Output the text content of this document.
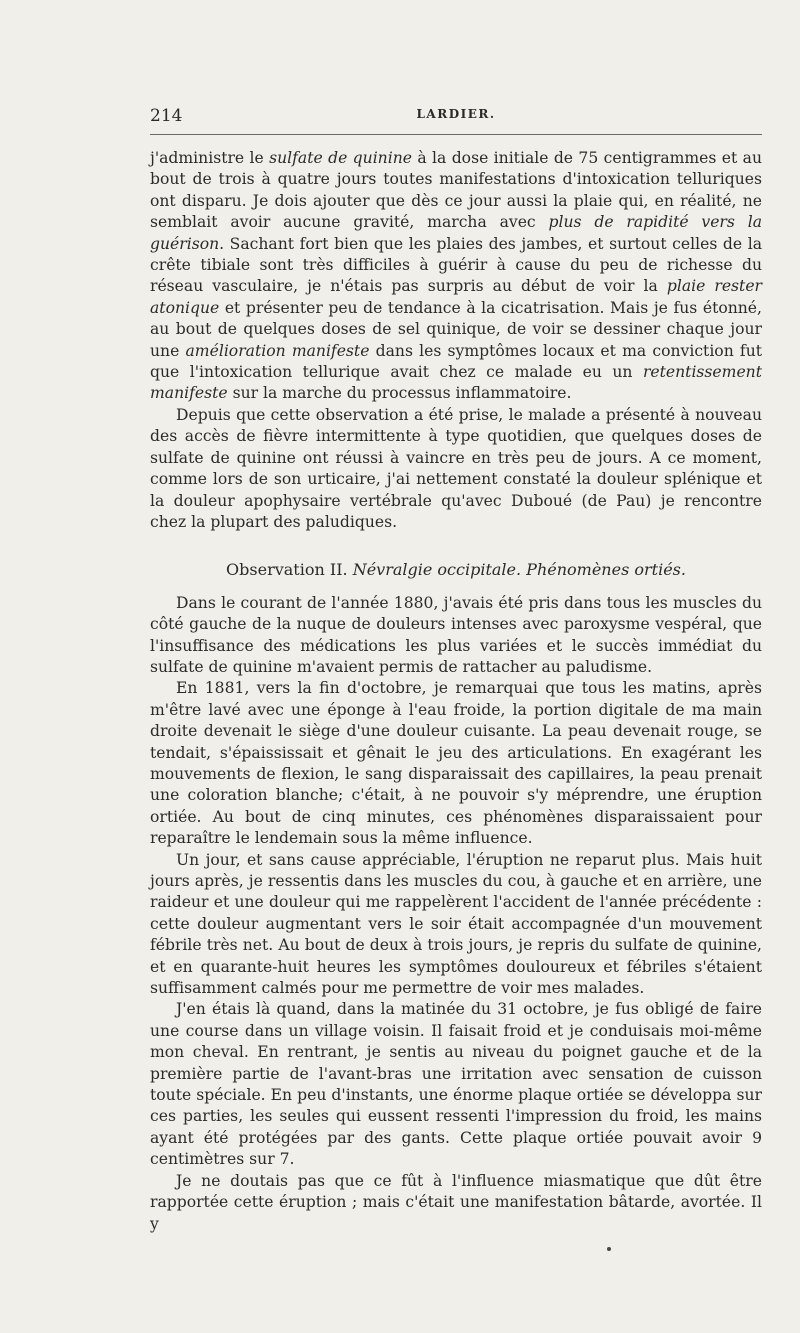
214	LARDIER.

j'administre le sulfate de quinine à la dose initiale de 75 centigrammes et au bout de trois à quatre jours toutes manifestations d'intoxication telluriques ont disparu. Je dois ajouter que dès ce jour aussi la plaie qui, en réalité, ne semblait avoir aucune gravité, marcha avec plus de rapidité vers la guérison. Sachant fort bien que les plaies des jambes, et surtout celles de la crête tibiale sont très difficiles à guérir à cause du peu de richesse du réseau vasculaire, je n'étais pas surpris au début de voir la plaie rester atonique et présenter peu de tendance à la cicatrisation. Mais je fus étonné, au bout de quelques doses de sel quinique, de voir se dessiner chaque jour une amélioration manifeste dans les symptômes locaux et ma conviction fut que l'intoxication tellurique avait chez ce malade eu un retentissement manifeste sur la marche du processus inflammatoire.

Depuis que cette observation a été prise, le malade a présenté à nouveau des accès de fièvre intermittente à type quotidien, que quelques doses de sulfate de quinine ont réussi à vaincre en très peu de jours. A ce moment, comme lors de son urticaire, j'ai nettement constaté la douleur splénique et la douleur apophysaire vertébrale qu'avec Duboué (de Pau) je rencontre chez la plupart des paludiques.

Observation II. Névralgie occipitale. Phénomènes ortiés.

Dans le courant de l'année 1880, j'avais été pris dans tous les muscles du côté gauche de la nuque de douleurs intenses avec paroxysme vespéral, que l'insuffisance des médications les plus variées et le succès immédiat du sulfate de quinine m'avaient permis de rattacher au paludisme.

En 1881, vers la fin d'octobre, je remarquai que tous les matins, après m'être lavé avec une éponge à l'eau froide, la portion digitale de ma main droite devenait le siège d'une douleur cuisante. La peau devenait rouge, se tendait, s'épaississait et gênait le jeu des articulations. En exagérant les mouvements de flexion, le sang disparaissait des capillaires, la peau prenait une coloration blanche; c'était, à ne pouvoir s'y méprendre, une éruption ortiée. Au bout de cinq minutes, ces phénomènes disparaissaient pour reparaître le lendemain sous la même influence.

Un jour, et sans cause appréciable, l'éruption ne reparut plus. Mais huit jours après, je ressentis dans les muscles du cou, à gauche et en arrière, une raideur et une douleur qui me rappelèrent l'accident de l'année précédente : cette douleur augmentant vers le soir était accompagnée d'un mouvement fébrile très net. Au bout de deux à trois jours, je repris du sulfate de quinine, et en quarante-huit heures les symptômes douloureux et fébriles s'étaient suffisamment calmés pour me permettre de voir mes malades.

J'en étais là quand, dans la matinée du 31 octobre, je fus obligé de faire une course dans un village voisin. Il faisait froid et je conduisais moi-même mon cheval. En rentrant, je sentis au niveau du poignet gauche et de la première partie de l'avant-bras une irritation avec sensation de cuisson toute spéciale. En peu d'instants, une énorme plaque ortiée se développa sur ces parties, les seules qui eussent ressenti l'impression du froid, les mains ayant été protégées par des gants. Cette plaque ortiée pouvait avoir 9 centimètres sur 7.

Je ne doutais pas que ce fût à l'influence miasmatique que dût être rapportée cette éruption ; mais c'était une manifestation bâtarde, avortée. Il y
